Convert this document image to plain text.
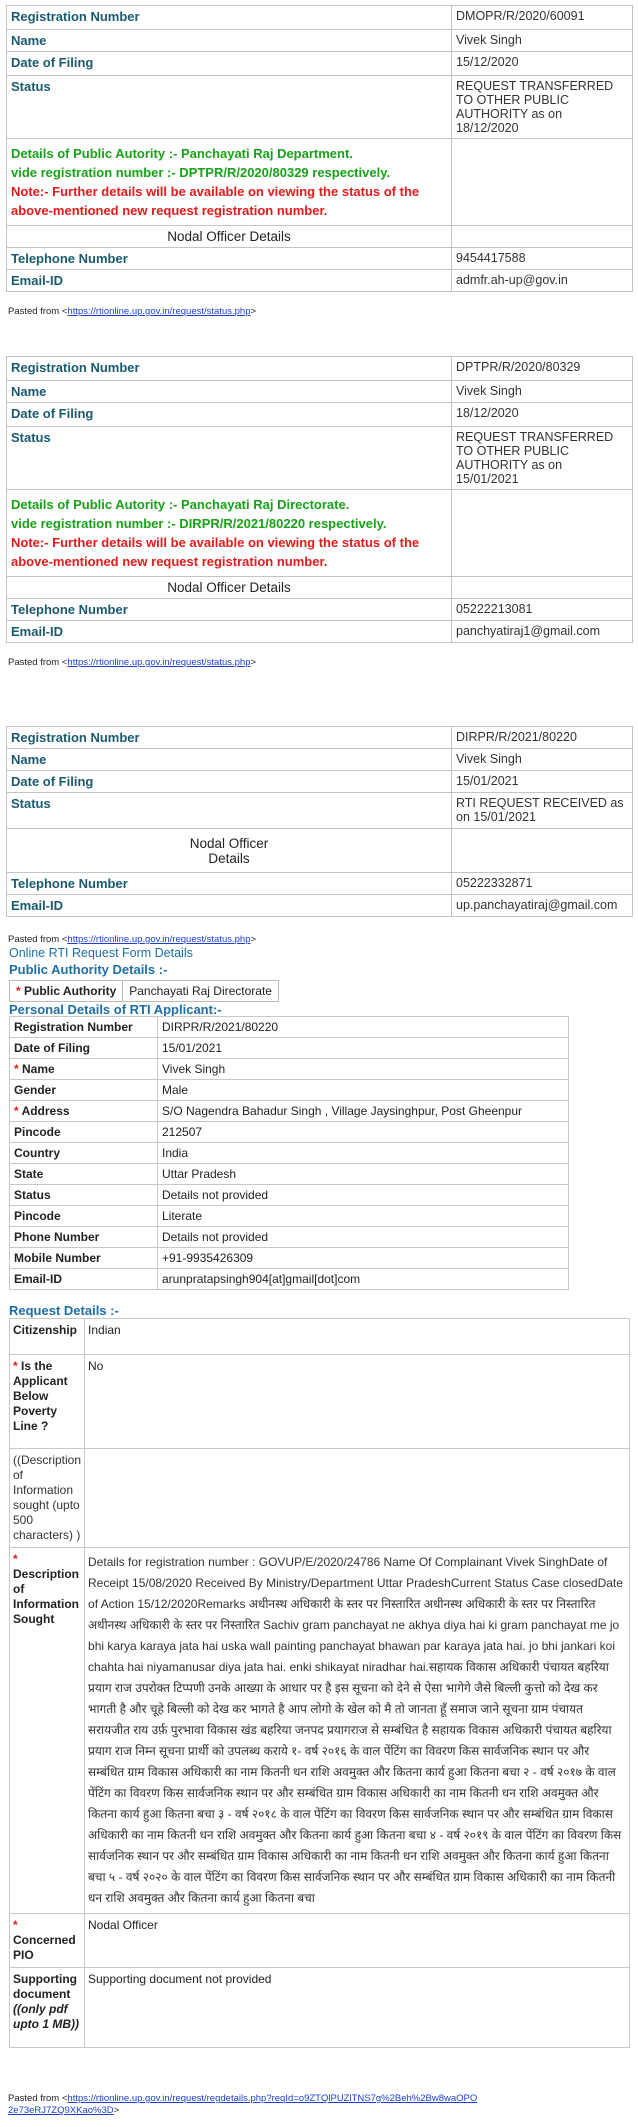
Registration Number	DMOPR/R/2020/60091
Name	Vivek Singh
Date of Filing	15/12/2020
Status	REQUEST TRANSFERRED TO OTHER PUBLIC AUTHORITY as on 18/12/2020

Details of Public Autority :- Panchayati Raj Department.
vide registration number :- DPTPR/R/2020/80329 respectively.
Note:- Further details will be available on viewing the status of the above-mentioned new request registration number.	

Nodal Officer Details	
Telephone Number	9454417588
Email-ID	admfr.ah-up@gov.in
Pasted from <https://rtionline.up.gov.in/request/status.php>
Registration Number	DPTPR/R/2020/80329
Name	Vivek Singh
Date of Filing	18/12/2020
Status	REQUEST TRANSFERRED TO OTHER PUBLIC AUTHORITY as on 15/01/2021

Details of Public Autority :- Panchayati Raj Directorate.
vide registration number :- DIRPR/R/2021/80220 respectively.
Note:- Further details will be available on viewing the status of the above-mentioned new request registration number.	

Nodal Officer Details	
Telephone Number	05222213081
Email-ID	panchyatiraj1@gmail.com
Pasted from <https://rtionline.up.gov.in/request/status.php>
Registration Number	DIRPR/R/2021/80220
Name	Vivek Singh
Date of Filing	15/01/2021
Status	RTI REQUEST RECEIVED as on 15/01/2021

Nodal Officer Details	

Telephone Number	05222332871
Email-ID	up.panchayatiraj@gmail.com
Pasted from <https://rtionline.up.gov.in/request/status.php>
Online RTI Request Form Details
Public Authority Details :-
* Public Authority	Panchayati Raj Directorate
Personal Details of RTI Applicant:-
Registration Number	DIRPR/R/2021/80220
Date of Filing	15/01/2021
* Name	Vivek Singh
Gender	Male
* Address	S/O Nagendra Bahadur Singh , Village Jaysinghpur, Post Gheenpur
Pincode	212507
Country	India
State	Uttar Pradesh
Status	Details not provided
Pincode	Literate
Phone Number	Details not provided
Mobile Number	+91-9935426309
Email-ID	arunpratapsingh904[at]gmail[dot]com
Request Details :-
Citizenship	Indian
* Is the Applicant Below Poverty Line ?	No
((Description of Information sought (upto 500 characters) )	
* Description of Information Sought	Details for registration number : GOVUP/E/2020/24786 Name Of Complainant Vivek SinghDate of Receipt 15/08/2020 Received By Ministry/Department Uttar PradeshCurrent Status Case closedDate of Action 15/12/2020Remarks अधीनस्थ अधिकारी के स्तर पर निस्तारित अधीनस्थ अधिकारी के स्तर पर निस्तारित अधीनस्थ अधिकारी के स्तर पर निस्तारित Sachiv gram panchayat ne akhya diya hai ki gram panchayat me jo bhi karya karaya jata hai uska wall painting panchayat bhawan par karaya jata hai. jo bhi jankari koi chahta hai niyamanusar diya jata hai. enki shikayat niradhar hai.सहायक विकास अधिकारी पंचायत बहरिया प्रयाग राज उपरोक्त टिप्पणी उनके आख्या के आधार पर है इस सूचना को देने से ऐसा भागेगे जैसे बिल्ली कुत्तो को देख कर भागती है और चूहे बिल्ली को देख कर भागते है आप लोगो के खेल को मै तो जानता हूँ समाज जाने सूचना ग्राम पंचायत सरायजीत राय उर्फ़ पुरभावा विकास खंड बहरिया जनपद प्रयागराज से सम्बंधित है सहायक विकास अधिकारी पंचायत बहरिया प्रयाग राज निम्न सूचना प्रार्थी को उपलब्ध कराये १- वर्ष २०१६ के वाल पेंटिंग का विवरण किस सार्वजनिक स्थान पर और सम्बंधित ग्राम विकास अधिकारी का नाम कितनी धन राशि अवमुक्त और कितना कार्य हुआ कितना बचा २ - वर्ष २०१७ के वाल पेंटिंग का विवरण किस सार्वजनिक स्थान पर और सम्बंधित ग्राम विकास अधिकारी का नाम कितनी धन राशि अवमुक्त और कितना कार्य हुआ कितना बचा ३ - वर्ष २०१८ के वाल पेंटिंग का विवरण किस सार्वजनिक स्थान पर और सम्बंधित ग्राम विकास अधिकारी का नाम कितनी धन राशि अवमुक्त और कितना कार्य हुआ कितना बचा ४ - वर्ष २०१९ के वाल पेंटिंग का विवरण किस सार्वजनिक स्थान पर और सम्बंधित ग्राम विकास अधिकारी का नाम कितनी धन राशि अवमुक्त और कितना कार्य हुआ कितना बचा ५ - वर्ष २०२० के वाल पेंटिंग का विवरण किस सार्वजनिक स्थान पर और सम्बंधित ग्राम विकास अधिकारी का नाम कितनी धन राशि अवमुक्त और कितना कार्य हुआ कितना बचा
* Concerned PIO	Nodal Officer
Supporting document ((only pdf upto 1 MB))	Supporting document not provided
Pasted from <https://rtionline.up.gov.in/request/regdetails.php?reqId=o9ZTQlPUZlTNS7g%2Beh%2Bw8waOPO2e73eRJ7ZQ9XKao%3D>
